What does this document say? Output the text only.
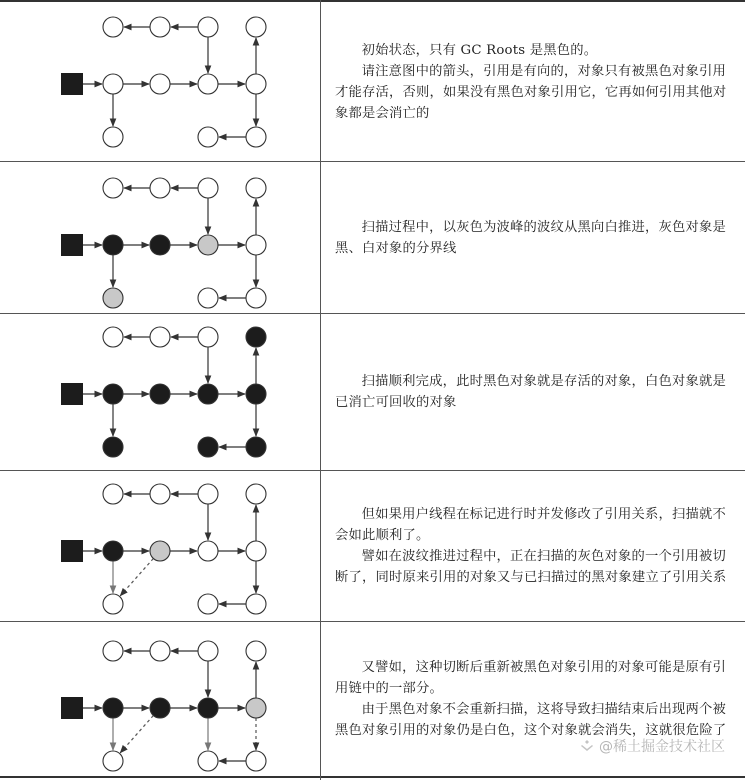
初始状态，只有 GC Roots 是黑色的。

请注意图中的箭头，引用是有向的，对象只有被黑色对象引用才能存活，否则，如果没有黑色对象引用它，它再如何引用其他对象都是会消亡的

扫描过程中，以灰色为波峰的波纹从黑向白推进，灰色对象是黑、白对象的分界线

扫描顺利完成，此时黑色对象就是存活的对象，白色对象就是已消亡可回收的对象

但如果用户线程在标记进行时并发修改了引用关系，扫描就不会如此顺利了。

譬如在波纹推进过程中，正在扫描的灰色对象的一个引用被切断了，同时原来引用的对象又与已扫描过的黑对象建立了引用关系

又譬如，这种切断后重新被黑色对象引用的对象可能是原有引用链中的一部分。

由于黑色对象不会重新扫描，这将导致扫描结束后出现两个被黑色对象引用的对象仍是白色，这个对象就会消失，这就很危险了

@稀土掘金技术社区
